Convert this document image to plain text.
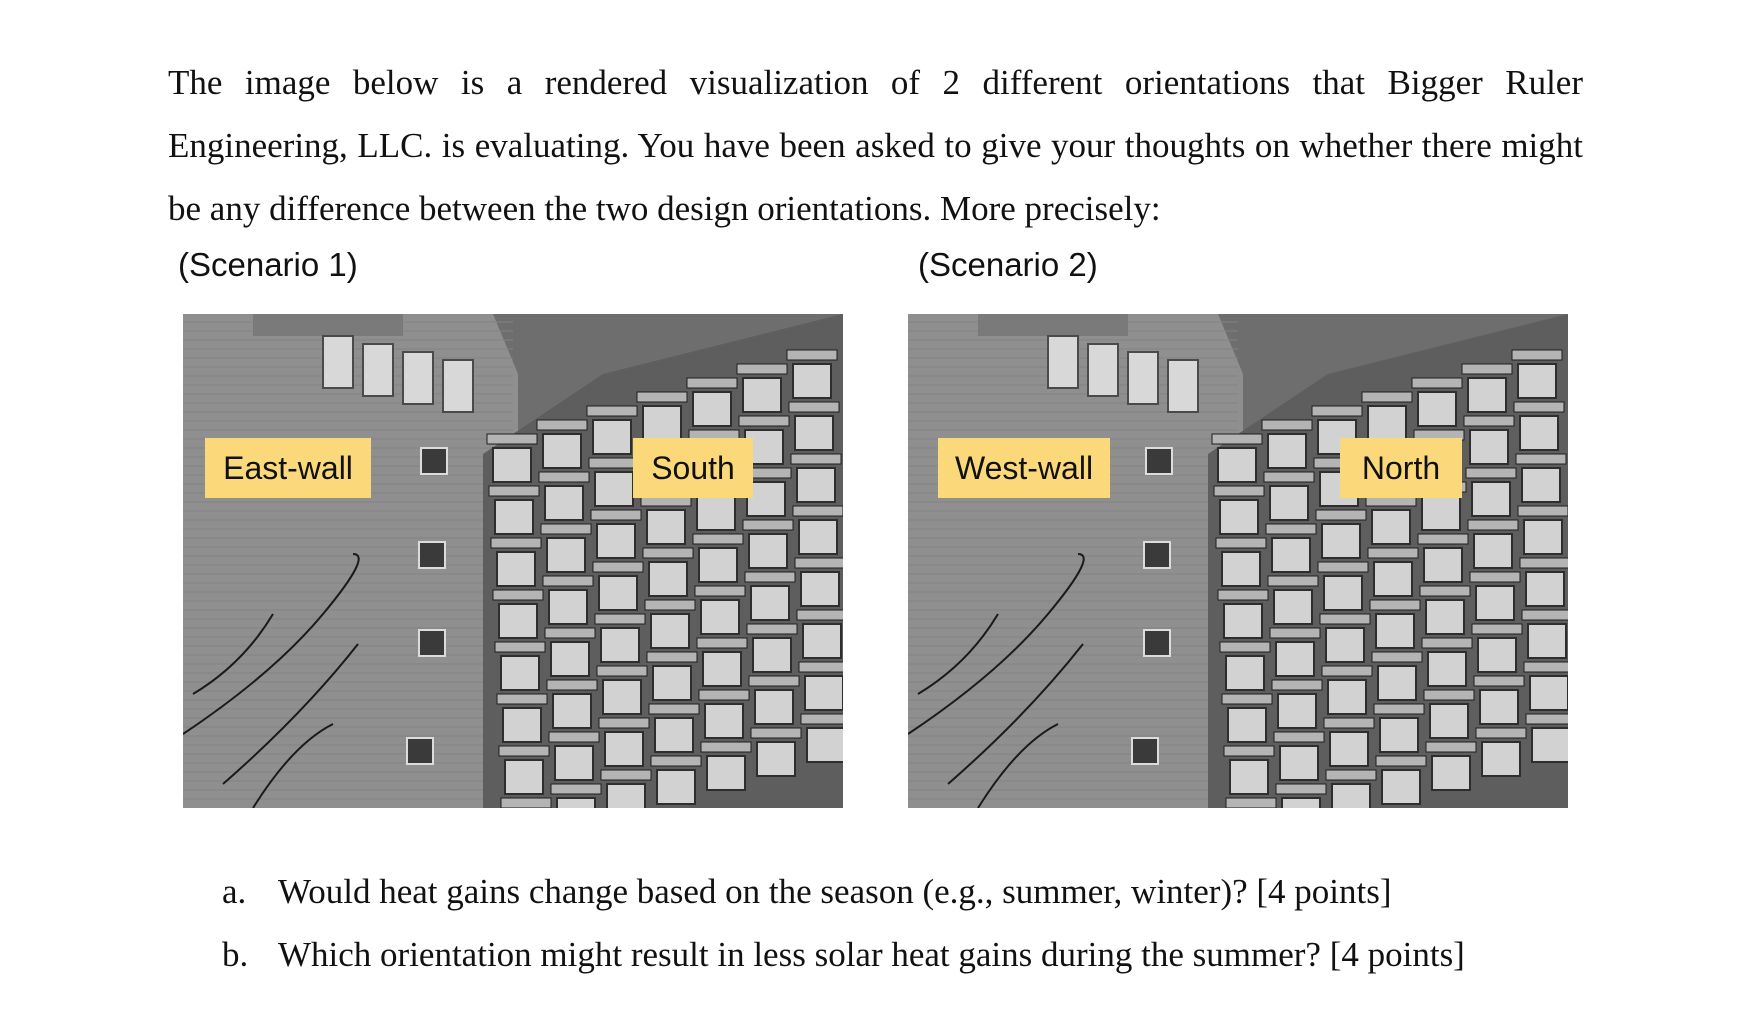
The image below is a rendered visualization of 2 different orientations that Bigger Ruler Engineering, LLC. is evaluating. You have been asked to give your thoughts on whether there might be any difference between the two design orientations. More precisely:

(Scenario 1)	(Scenario 2)
East-wall	South	West-wall	North
a. Would heat gains change based on the season (e.g., summer, winter)? [4 points]
b. Which orientation might result in less solar heat gains during the summer? [4 points]
